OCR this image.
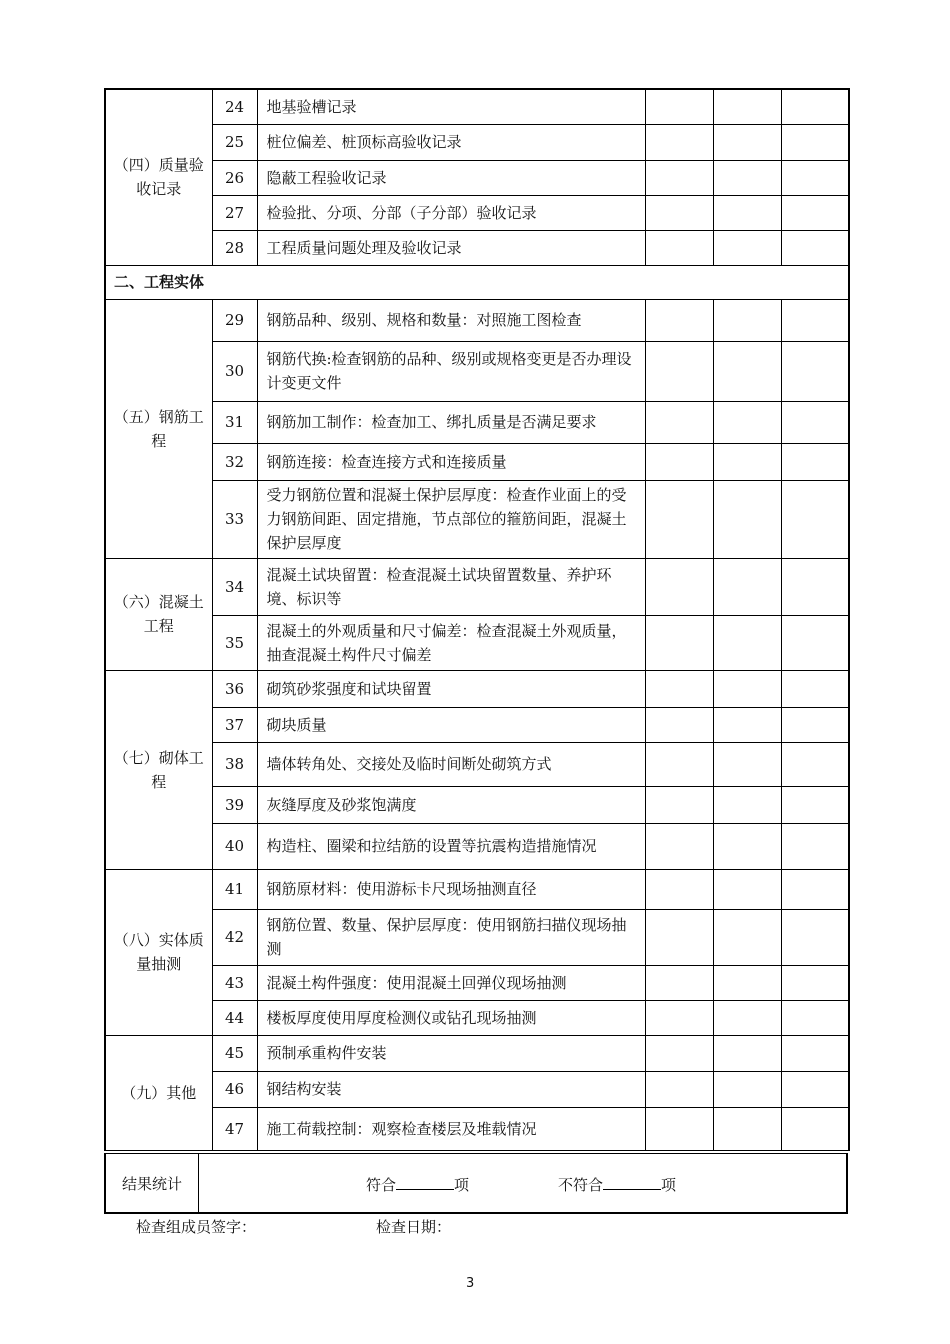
（四）质量验收记录	24	地基验槽记录			
	25	桩位偏差、桩顶标高验收记录			
	26	隐蔽工程验收记录			
	27	检验批、分项、分部（子分部）验收记录			
	28	工程质量问题处理及验收记录			
二、工程实体					

（五）钢筋工程	29	钢筋品种、级别、规格和数量：对照施工图检查			
	30	钢筋代换:检查钢筋的品种、级别或规格变更是否办理设计变更文件			
	31	钢筋加工制作：检查加工、绑扎质量是否满足要求			
	32	钢筋连接：检查连接方式和连接质量			
	33	受力钢筋位置和混凝土保护层厚度：检查作业面上的受力钢筋间距、固定措施，节点部位的箍筋间距，混凝土保护层厚度			

（六）混凝土工程	34	混凝土试块留置：检查混凝土试块留置数量、养护环境、标识等			
	35	混凝土的外观质量和尺寸偏差：检查混凝土外观质量，抽查混凝土构件尺寸偏差			

（七）砌体工程	36	砌筑砂浆强度和试块留置			
	37	砌块质量			
	38	墙体转角处、交接处及临时间断处砌筑方式			
	39	灰缝厚度及砂浆饱满度			
	40	构造柱、圈梁和拉结筋的设置等抗震构造措施情况			

（八）实体质量抽测	41	钢筋原材料：使用游标卡尺现场抽测直径			
	42	钢筋位置、数量、保护层厚度：使用钢筋扫描仪现场抽测			
	43	混凝土构件强度：使用混凝土回弹仪现场抽测			
	44	楼板厚度使用厚度检测仪或钻孔现场抽测			

（九）其他	45	预制承重构件安装			
	46	钢结构安装			
	47	施工荷载控制：观察检查楼层及堆载情况			
结果统计	符合	项	不符合	项
检查组成员签字：	检查日期：
3
